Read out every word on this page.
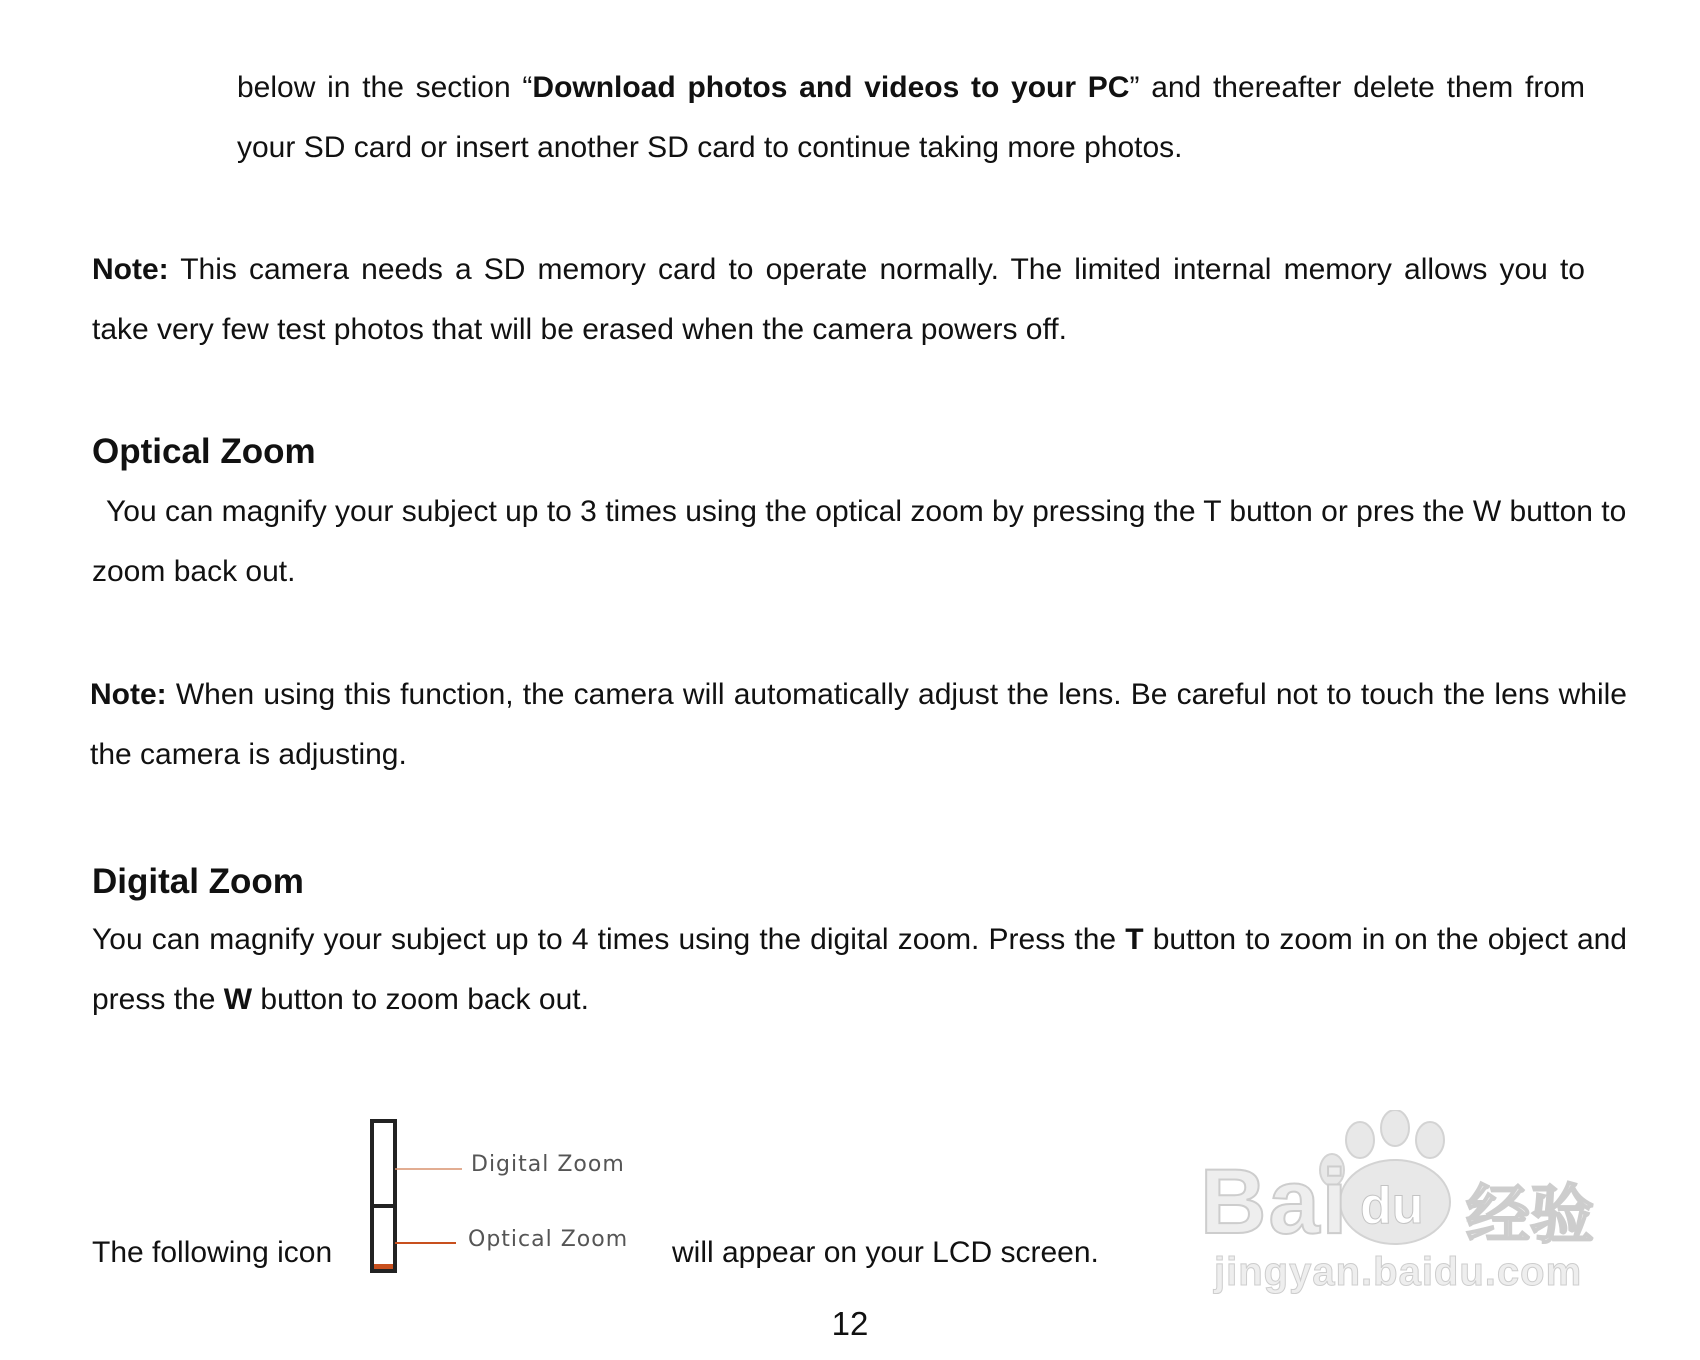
below in the section “Download photos and videos to your PC” and thereafter delete them from your SD card or insert another SD card to continue taking more photos.

Note: This camera needs a SD memory card to operate normally. The limited internal memory allows you to take very few test photos that will be erased when the camera powers off.

Optical Zoom

You can magnify your subject up to 3 times using the optical zoom by pressing the T button or pres the W button to zoom back out.

Note: When using this function, the camera will automatically adjust the lens. Be careful not to touch the lens while the camera is adjusting.

Digital Zoom

You can magnify your subject up to 4 times using the digital zoom. Press the T button to zoom in on the object and press the W button to zoom back out.

The following icon
Digital Zoom
Optical Zoom will appear on your LCD screen. Bai du 经验
jingyan.baidu.com
12
